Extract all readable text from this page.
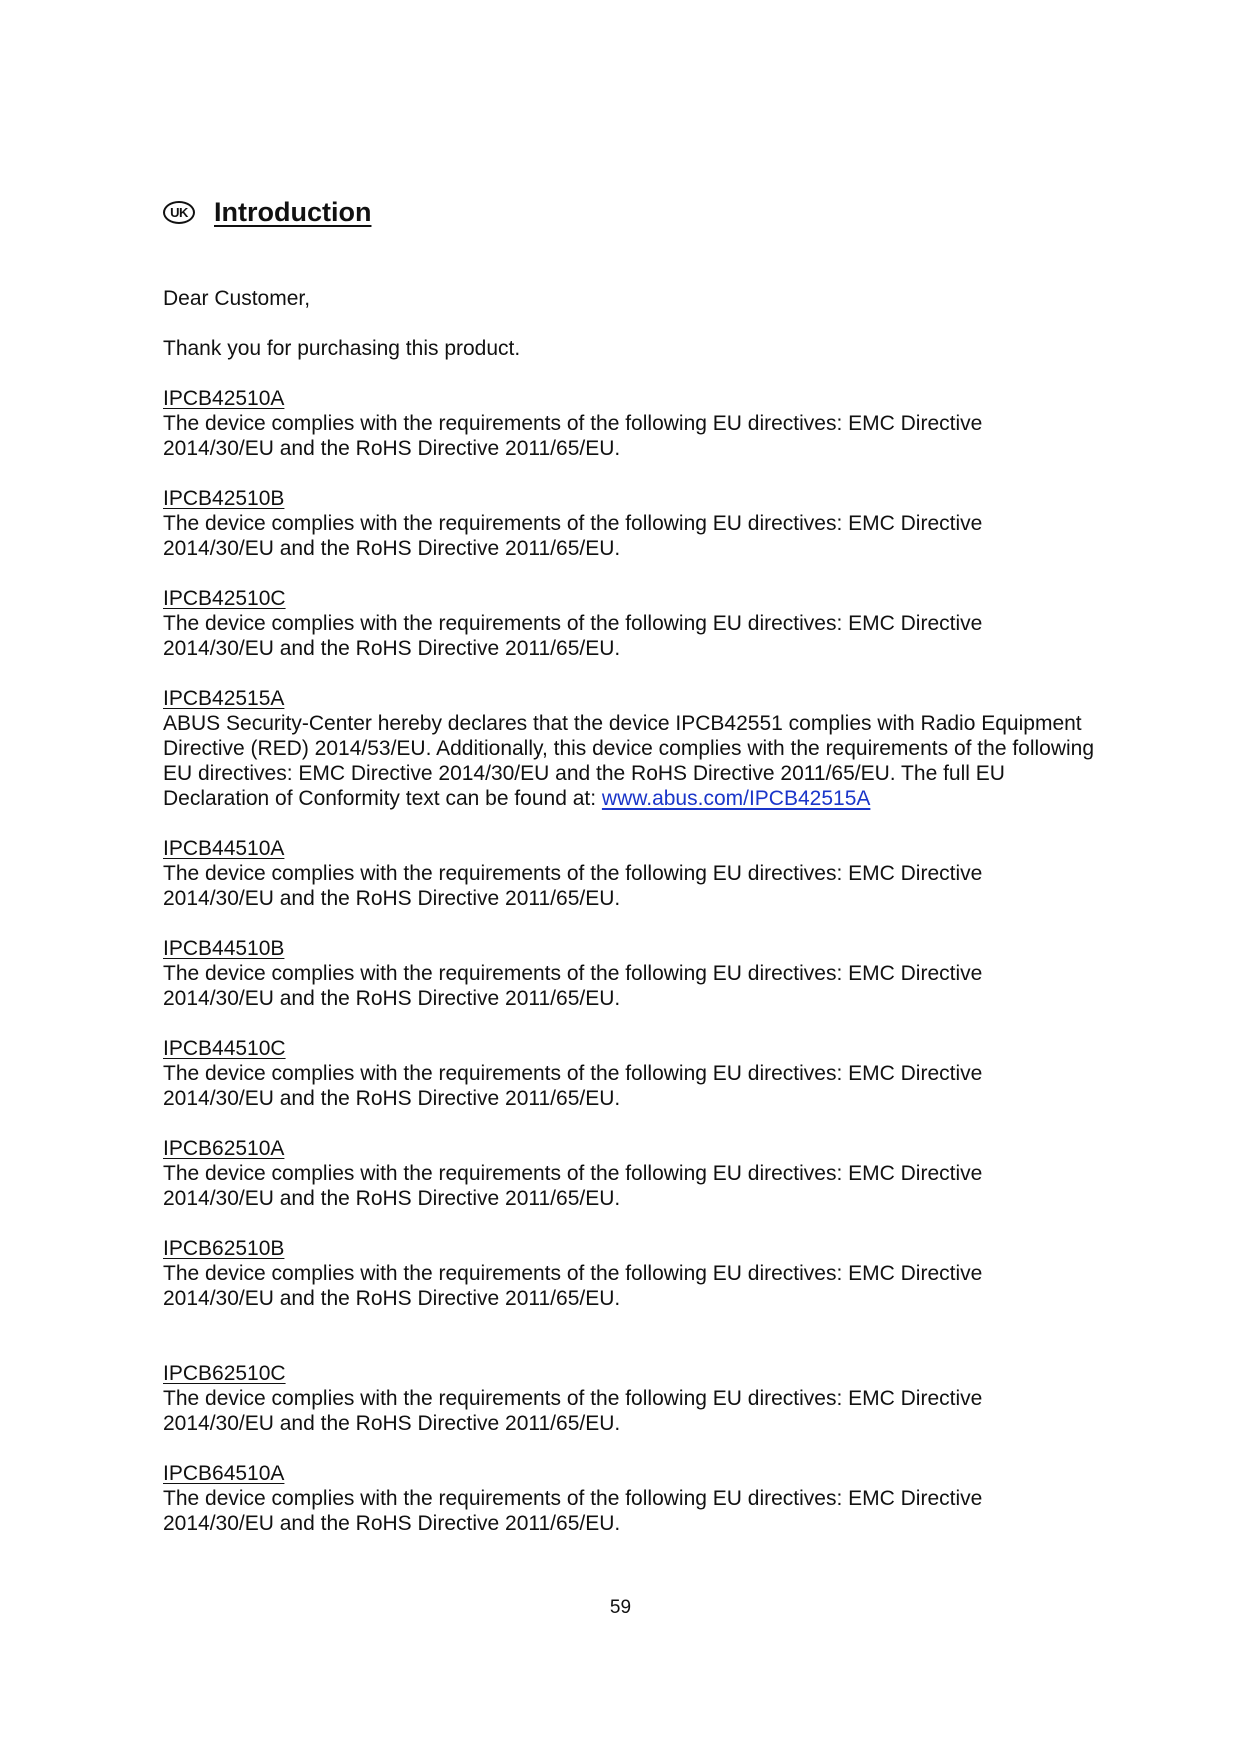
UK Introduction

Dear Customer,

Thank you for purchasing this product.

IPCB42510A
The device complies with the requirements of the following EU directives: EMC Directive 2014/30/EU and the RoHS Directive 2011/65/EU.
IPCB42510B
The device complies with the requirements of the following EU directives: EMC Directive 2014/30/EU and the RoHS Directive 2011/65/EU.
IPCB42510C
The device complies with the requirements of the following EU directives: EMC Directive 2014/30/EU and the RoHS Directive 2011/65/EU.
IPCB42515A
ABUS Security-Center hereby declares that the device IPCB42551 complies with Radio Equipment Directive (RED) 2014/53/EU. Additionally, this device complies with the requirements of the following EU directives: EMC Directive 2014/30/EU and the RoHS Directive 2011/65/EU. The full EU Declaration of Conformity text can be found at: www.abus.com/IPCB42515A
IPCB44510A
The device complies with the requirements of the following EU directives: EMC Directive 2014/30/EU and the RoHS Directive 2011/65/EU.
IPCB44510B
The device complies with the requirements of the following EU directives: EMC Directive 2014/30/EU and the RoHS Directive 2011/65/EU.
IPCB44510C
The device complies with the requirements of the following EU directives: EMC Directive 2014/30/EU and the RoHS Directive 2011/65/EU.
IPCB62510A
The device complies with the requirements of the following EU directives: EMC Directive 2014/30/EU and the RoHS Directive 2011/65/EU.
IPCB62510B
The device complies with the requirements of the following EU directives: EMC Directive 2014/30/EU and the RoHS Directive 2011/65/EU.
IPCB62510C
The device complies with the requirements of the following EU directives: EMC Directive 2014/30/EU and the RoHS Directive 2011/65/EU.
IPCB64510A
The device complies with the requirements of the following EU directives: EMC Directive 2014/30/EU and the RoHS Directive 2011/65/EU.
59
